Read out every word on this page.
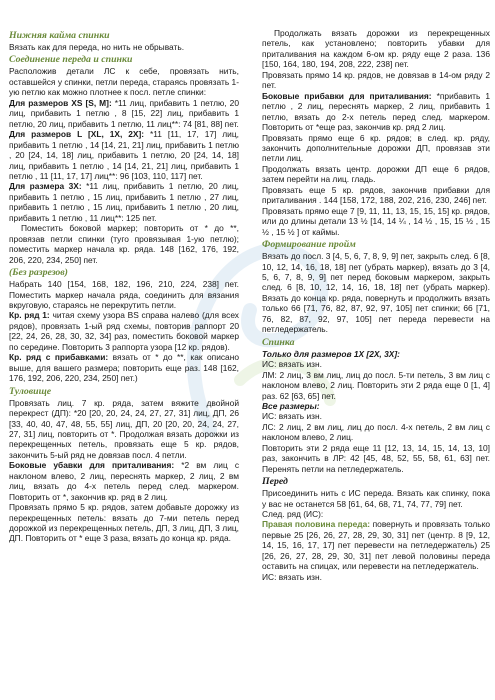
Нижняя кайма спинки
Вязать как для переда, но нить не обрывать.
Соединение переда и спинки
Расположив детали ЛС к себе, провязать нить, оставшейся у спинки, петли переда, стараясь провязать 1-ую петлю как можно плотнее к посл. петле спинки:
Для размеров XS [S, M]: *11 лиц, прибавить 1 петлю, 20 лиц, прибавить 1 петлю , 8 [15, 22] лиц, прибавить 1 петлю, 20 лиц, прибавить 1 петлю, 11 лиц**: 74 [81, 88] пет.
Для размеров L [XL, 1X, 2X]: *11 [11, 17, 17] лиц, прибавить 1 петлю , 14 [14, 21, 21] лиц, прибавить 1 петлю , 20 [24, 14, 18] лиц, прибавить 1 петлю, 20 [24, 14, 18] лиц, прибавить 1 петлю , 14 [14, 21, 21] лиц, прибавить 1 петлю , 11 [11, 17, 17] лиц**: 96 [103, 110, 117] пет.
Для размера 3X: *11 лиц, прибавить 1 петлю, 20 лиц, прибавить 1 петлю , 15 лиц, прибавить 1 петлю , 27 лиц, прибавить 1 петлю , 15 лиц, прибавить 1 петлю , 20 лиц, прибавить 1 петлю , 11 лиц**: 125 пет.
Поместить боковой маркер; повторить от * до **, провязав петли спинки (туго провязывая 1-ую петлю); поместить маркер начала кр. ряда. 148 [162, 176, 192, 206, 220, 234, 250] пет.
(Без разрезов)
Набрать 140 [154, 168, 182, 196, 210, 224, 238] пет. Поместить маркер начала ряда, соединить для вязания вкруговую, стараясь не перекрутить петли.
Кр. ряд 1: читая схему узора BS справа налево (для всех рядов), провязать 1-ый ряд схемы, повторив раппорт 20 [22, 24, 26, 28, 30, 32, 34] раз, поместить боковой маркер по середине. Повторить 3 раппорта узора [12 кр. рядов).
Кр. ряд с прибавками: вязать от * до **, как описано выше, для вашего размера; повторить еще раз. 148 [162, 176, 192, 206, 220, 234, 250] пет.)
Туловище
Провязать лиц. 7 кр. ряда, затем вяжите двойной перекрест (ДП): *20 [20, 20, 24, 24, 27, 27, 31] лиц, ДП, 26 [33, 40, 40, 47, 48, 55, 55] лиц, ДП, 20 [20, 20, 24, 24, 27, 27, 31] лиц, повторить от *. Продолжая вязать дорожки из перекрещенных петель, провязать еще 5 кр. рядов, закончить 5-ый ряд не довязав посл. 4 петли.
Боковые убавки для приталивания: *2 вм лиц с наклоном влево, 2 лиц, переснять маркер, 2 лиц, 2 вм лиц, вязать до 4-х петель перед след. маркером. Повторить от *, закончив кр. ряд в 2 лиц.
Провязать прямо 5 кр. рядов, затем добавьте дорожку из перекрещенных петель: вязать до 7-ми петель перед дорожкой из перекрещенных петель, ДП, 3 лиц, ДП, 3 лиц, ДП. Повторить от * еще 3 раза, вязать до конца кр. ряда.
Продолжать вязать дорожки из перекрещенных петель, как установлено; повторить убавки для приталивания на каждом 6-ом кр. ряду еще 2 раза. 136 [150, 164, 180, 194, 208, 222, 238] пет.
Провязать прямо 14 кр. рядов, не довязав в 14-ом ряду 2 пет.
Боковые прибавки для приталивания: *прибавить 1 петлю , 2 лиц, переснять маркер, 2 лиц, прибавить 1 петлю, вязать до 2-х петель перед след. маркером. Повторить от *еще раз, закончив кр. ряд 2 лиц.
Провязать прямо еще 6 кр. рядов; в след. кр. ряду, закончить дополнительные дорожки ДП, провязав эти петли лиц.
Продолжать вязать центр. дорожки ДП еще 6 рядов, затем перейти на лиц. гладь.
Провязать еще 5 кр. рядов, закончив прибавки для приталивания . 144 [158, 172, 188, 202, 216, 230, 246] пет.
Провязать прямо еще 7 [9, 11, 11, 13, 15, 15, 15] кр. рядов, или до длины детали 13 ½ [14, 14 ¼ , 14 ½ , 15, 15 ½ , 15 ½ , 15 ½ ] от каймы.
Формирование пройм
Вязать до посл. 3 [4, 5, 6, 7, 8, 9, 9] пет, закрыть след. 6 [8, 10, 12, 14, 16, 18, 18] пет (убрать маркер), вязать до 3 [4, 5, 6, 7, 8, 9, 9] пет перед боковым маркером, закрыть след. 6 [8, 10, 12, 14, 16, 18, 18] пет (убрать маркер). Вязать до конца кр. ряда, повернуть и продолжить вязать только 66 [71, 76, 82, 87, 92, 97, 105] пет спинки; 66 [71, 76, 82, 87, 92, 97, 105] пет переда перевести на петледержатель.
Спинка
Только для размеров 1X [2X, 3X]:
ИС: вязать изн.
ЛМ: 2 лиц, 3 вм лиц, лиц до посл. 5-ти петель, 3 вм лиц с наклоном влево, 2 лиц. Повторить эти 2 ряда еще 0 [1, 4] раз. 62 [63, 65] пет.
Все размеры:
ИС: вязать изн.
ЛС: 2 лиц, 2 вм лиц, лиц до посл. 4-х петель, 2 вм лиц с наклоном влево, 2 лиц.
Повторить эти 2 ряда еще 11 [12, 13, 14, 15, 14, 13, 10] раз, закончить в ЛР: 42 [45, 48, 52, 55, 58, 61, 63] пет. Перенять петли на петледержатель.
Перед
Присоединить нить с ИС переда. Вязать как спинку, пока у вас не останется 58 [61, 64, 68, 71, 74, 77, 79] пет.
След. ряд (ИС):
Правая половина переда: повернуть и провязать только первые 25 [26, 26, 27, 28, 29, 30, 31] пет (центр. 8 [9, 12, 14, 15, 16, 17, 17] пет перевести на петледержатель) 25 [26, 26, 27, 28, 29, 30, 31] пет левой половины переда оставить на спицах, или перевести на петледержатель.
ИС: вязать изн.
